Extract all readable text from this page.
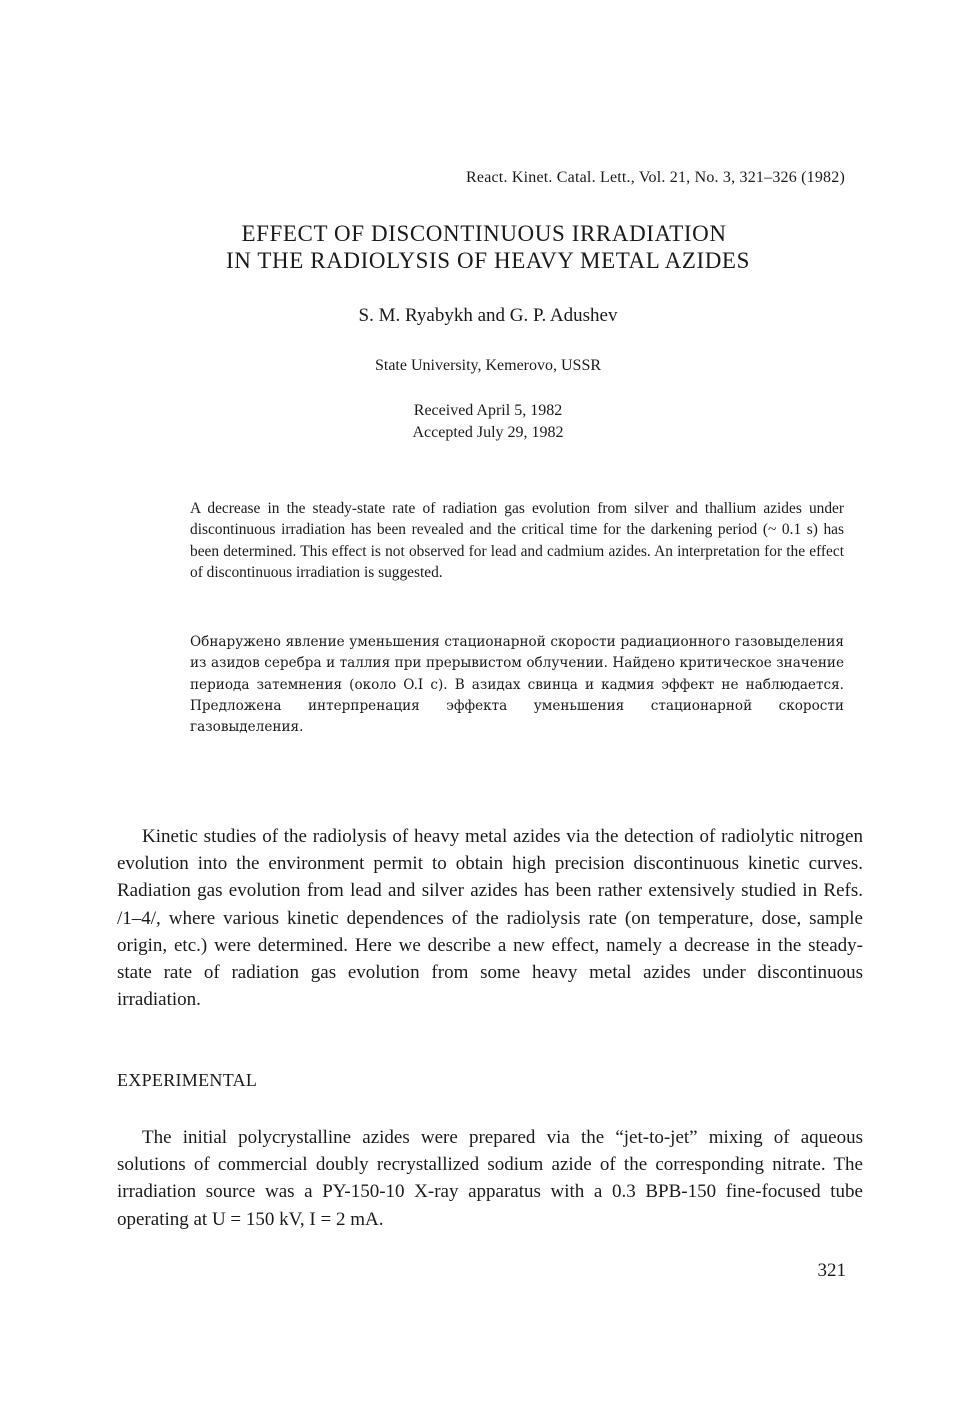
React. Kinet. Catal. Lett., Vol. 21, No. 3, 321–326 (1982)
EFFECT OF DISCONTINUOUS IRRADIATION
IN THE RADIOLYSIS OF HEAVY METAL AZIDES
S. M. Ryabykh and G. P. Adushev
State University, Kemerovo, USSR
Received April 5, 1982
Accepted July 29, 1982
A decrease in the steady-state rate of radiation gas evolution from silver and thallium azides under discontinuous irradiation has been revealed and the critical time for the darkening period (~ 0.1 s) has been determined. This effect is not observed for lead and cadmium azides. An interpretation for the effect of discontinuous irradiation is suggested.
Обнаружено явление уменьшения стационарной скорости радиационного газовыделения из азидов серебра и таллия при прерывистом облучении. Найдено критическое значение периода затемнения (около O.I c). В азидах свинца и кадмия эффект не наблюдается. Предложена интерпренация эффекта уменьшения стационарной скорости газовыделения.
Kinetic studies of the radiolysis of heavy metal azides via the detection of radiolytic nitrogen evolution into the environment permit to obtain high precision discontinuous kinetic curves. Radiation gas evolution from lead and silver azides has been rather extensively studied in Refs. /1–4/, where various kinetic dependences of the radiolysis rate (on temperature, dose, sample origin, etc.) were determined. Here we describe a new effect, namely a decrease in the steady-state rate of radiation gas evolution from some heavy metal azides under discontinuous irradiation.
EXPERIMENTAL
The initial polycrystalline azides were prepared via the “jet-to-jet” mixing of aqueous solutions of commercial doubly recrystallized sodium azide of the corresponding nitrate. The irradiation source was a PY-150-10 X-ray apparatus with a 0.3 BPB-150 fine-focused tube operating at U = 150 kV, I = 2 mA.
321
